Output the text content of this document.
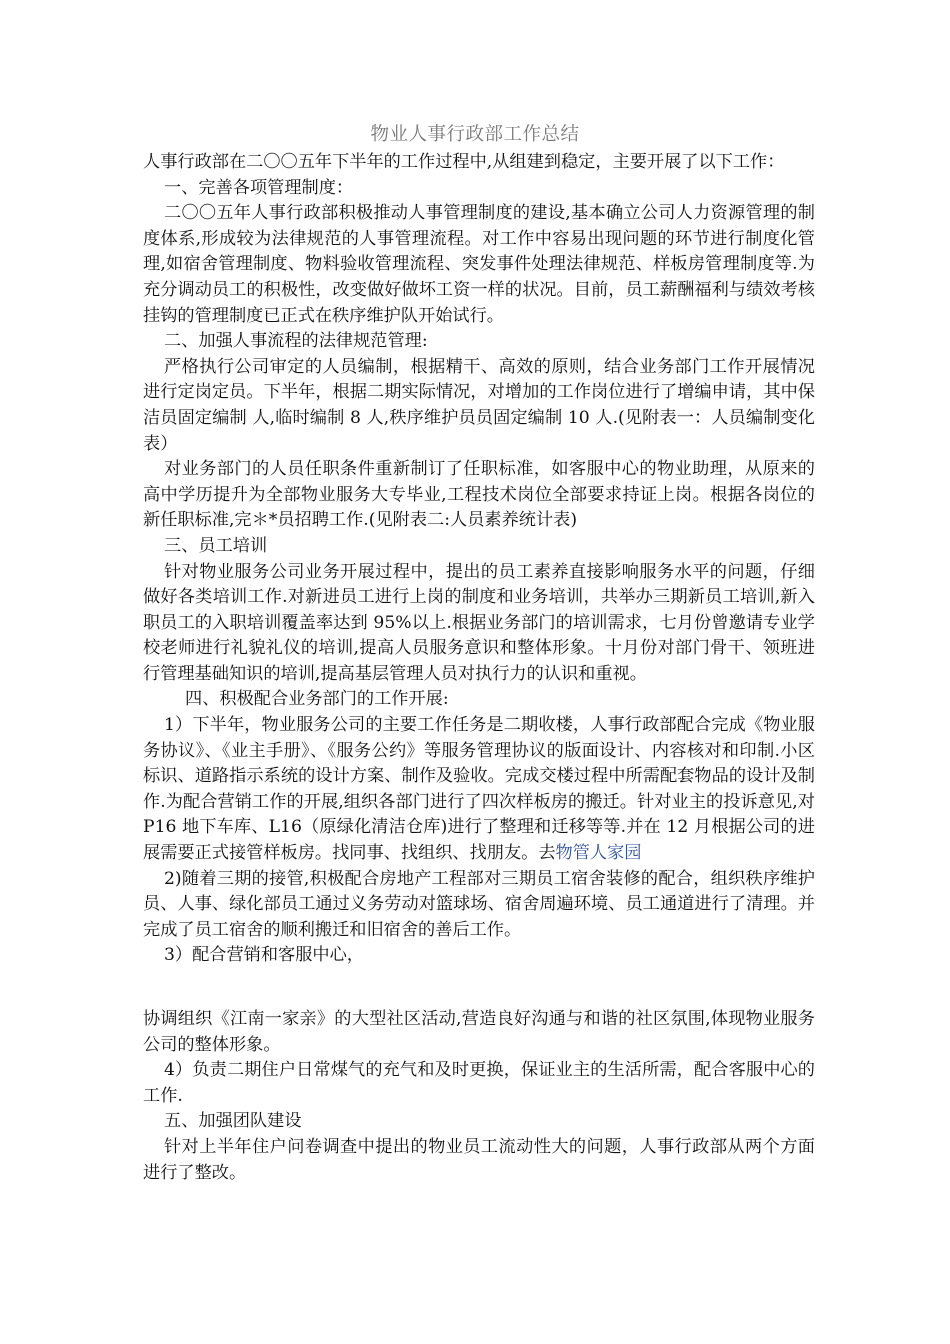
物业人事行政部工作总结

人事行政部在二〇〇五年下半年的工作过程中,从组建到稳定，主要开展了以下工作：

一、完善各项管理制度：

二〇〇五年人事行政部积极推动人事管理制度的建设,基本确立公司人力资源管理的制度体系,形成较为法律规范的人事管理流程。对工作中容易出现问题的环节进行制度化管理,如宿舍管理制度、物料验收管理流程、突发事件处理法律规范、样板房管理制度等.为充分调动员工的积极性，改变做好做坏工资一样的状况。目前，员工薪酬福利与绩效考核挂钩的管理制度已正式在秩序维护队开始试行。

二、加强人事流程的法律规范管理:

严格执行公司审定的人员编制，根据精干、高效的原则，结合业务部门工作开展情况进行定岗定员。下半年，根据二期实际情况，对增加的工作岗位进行了增编申请，其中保洁员固定编制 人,临时编制 8 人,秩序维护员员固定编制 10 人.(见附表一：人员编制变化表）

对业务部门的人员任职条件重新制订了任职标准，如客服中心的物业助理，从原来的高中学历提升为全部物业服务大专毕业,工程技术岗位全部要求持证上岗。根据各岗位的新任职标准,完＊*员招聘工作.(见附表二:人员素养统计表)

三、员工培训

针对物业服务公司业务开展过程中，提出的员工素养直接影响服务水平的问题，仔细做好各类培训工作.对新进员工进行上岗的制度和业务培训，共举办三期新员工培训,新入职员工的入职培训覆盖率达到 95%以上.根据业务部门的培训需求，七月份曾邀请专业学校老师进行礼貌礼仪的培训,提高人员服务意识和整体形象。十月份对部门骨干、领班进行管理基础知识的培训,提高基层管理人员对执行力的认识和重视。

四、积极配合业务部门的工作开展:

1）下半年，物业服务公司的主要工作任务是二期收楼，人事行政部配合完成《物业服务协议》、《业主手册》、《服务公约》等服务管理协议的版面设计、内容核对和印制.小区标识、道路指示系统的设计方案、制作及验收。完成交楼过程中所需配套物品的设计及制作.为配合营销工作的开展,组织各部门进行了四次样板房的搬迁。针对业主的投诉意见,对 P16 地下车库、L16（原绿化清洁仓库)进行了整理和迁移等等.并在 12 月根据公司的进展需要正式接管样板房。找同事、找组织、找朋友。去物管人家园

2)随着三期的接管,积极配合房地产工程部对三期员工宿舍装修的配合，组织秩序维护员、人事、绿化部员工通过义务劳动对篮球场、宿舍周遍环境、员工通道进行了清理。并完成了员工宿舍的顺利搬迁和旧宿舍的善后工作。

3）配合营销和客服中心，

协调组织《江南一家亲》的大型社区活动,营造良好沟通与和谐的社区氛围,体现物业服务公司的整体形象。

4）负责二期住户日常煤气的充气和及时更换，保证业主的生活所需，配合客服中心的工作.

五、加强团队建设

针对上半年住户问卷调查中提出的物业员工流动性大的问题，人事行政部从两个方面进行了整改。
